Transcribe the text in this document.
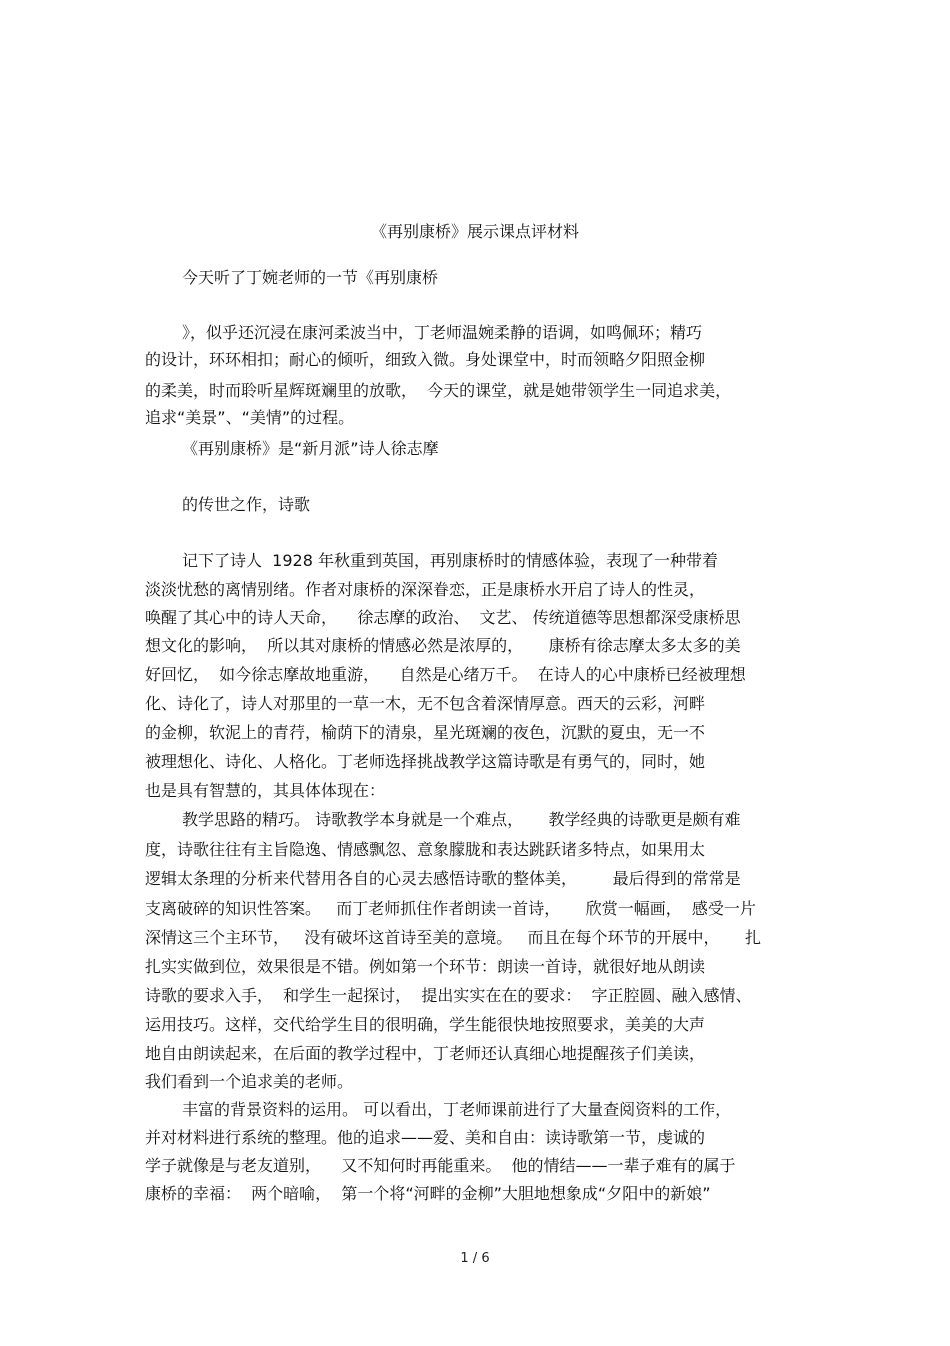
《再别康桥》展示课点评材料
今天听了丁婉老师的一节《再别康桥
》，似乎还沉浸在康河柔波当中，丁老师温婉柔静的语调，如鸣佩环；精巧
的设计，环环相扣；耐心的倾听，细致入微。身处课堂中，时而领略夕阳照金柳
的柔美，时而聆听星辉斑斓里的放歌，  今天的课堂，就是她带领学生一同追求美，
追求“美景”、“美情”的过程。
《再别康桥》是“新月派”诗人徐志摩
的传世之作，诗歌
记下了诗人  1928 年秋重到英国，再别康桥时的情感体验，表现了一种带着
淡淡忧愁的离情别绪。作者对康桥的深深眷恋，正是康桥水开启了诗人的性灵，
唤醒了其心中的诗人天命，    徐志摩的政治、  文艺、 传统道德等思想都深受康桥思
想文化的影响，  所以其对康桥的情感必然是浓厚的，     康桥有徐志摩太多太多的美
好回忆，  如今徐志摩故地重游，    自然是心绪万千。  在诗人的心中康桥已经被理想
化、诗化了，诗人对那里的一草一木，无不包含着深情厚意。西天的云彩，河畔
的金柳，软泥上的青荇，榆荫下的清泉，星光斑斓的夜色，沉默的夏虫，无一不
被理想化、诗化、人格化。丁老师选择挑战教学这篇诗歌是有勇气的，同时，她
也是具有智慧的，其具体体现在：
教学思路的精巧。 诗歌教学本身就是一个难点，     教学经典的诗歌更是颇有难
度，诗歌往往有主旨隐逸、情感飘忽、意象朦胧和表达跳跃诸多特点，如果用太
逻辑太条理的分析来代替用各自的心灵去感悟诗歌的整体美，       最后得到的常常是
支离破碎的知识性答案。   而丁老师抓住作者朗读一首诗，     欣赏一幅画，  感受一片
深情这三个主环节，   没有破坏这首诗至美的意境。   而且在每个环节的开展中，     扎
扎实实做到位，效果很是不错。例如第一个环节：朗读一首诗，就很好地从朗读
诗歌的要求入手，  和学生一起探讨，  提出实实在在的要求：  字正腔圆、融入感情、
运用技巧。这样，交代给学生目的很明确，学生能很快地按照要求，美美的大声
地自由朗读起来，在后面的教学过程中，丁老师还认真细心地提醒孩子们美读，
我们看到一个追求美的老师。
丰富的背景资料的运用。 可以看出，丁老师课前进行了大量查阅资料的工作，
并对材料进行系统的整理。他的追求——爱、美和自由：读诗歌第一节，虔诚的
学子就像是与老友道别，    又不知何时再能重来。  他的情结——一辈子难有的属于
康桥的幸福：  两个暗喻，  第一个将“河畔的金柳”大胆地想象成“夕阳中的新娘”
1 / 6
